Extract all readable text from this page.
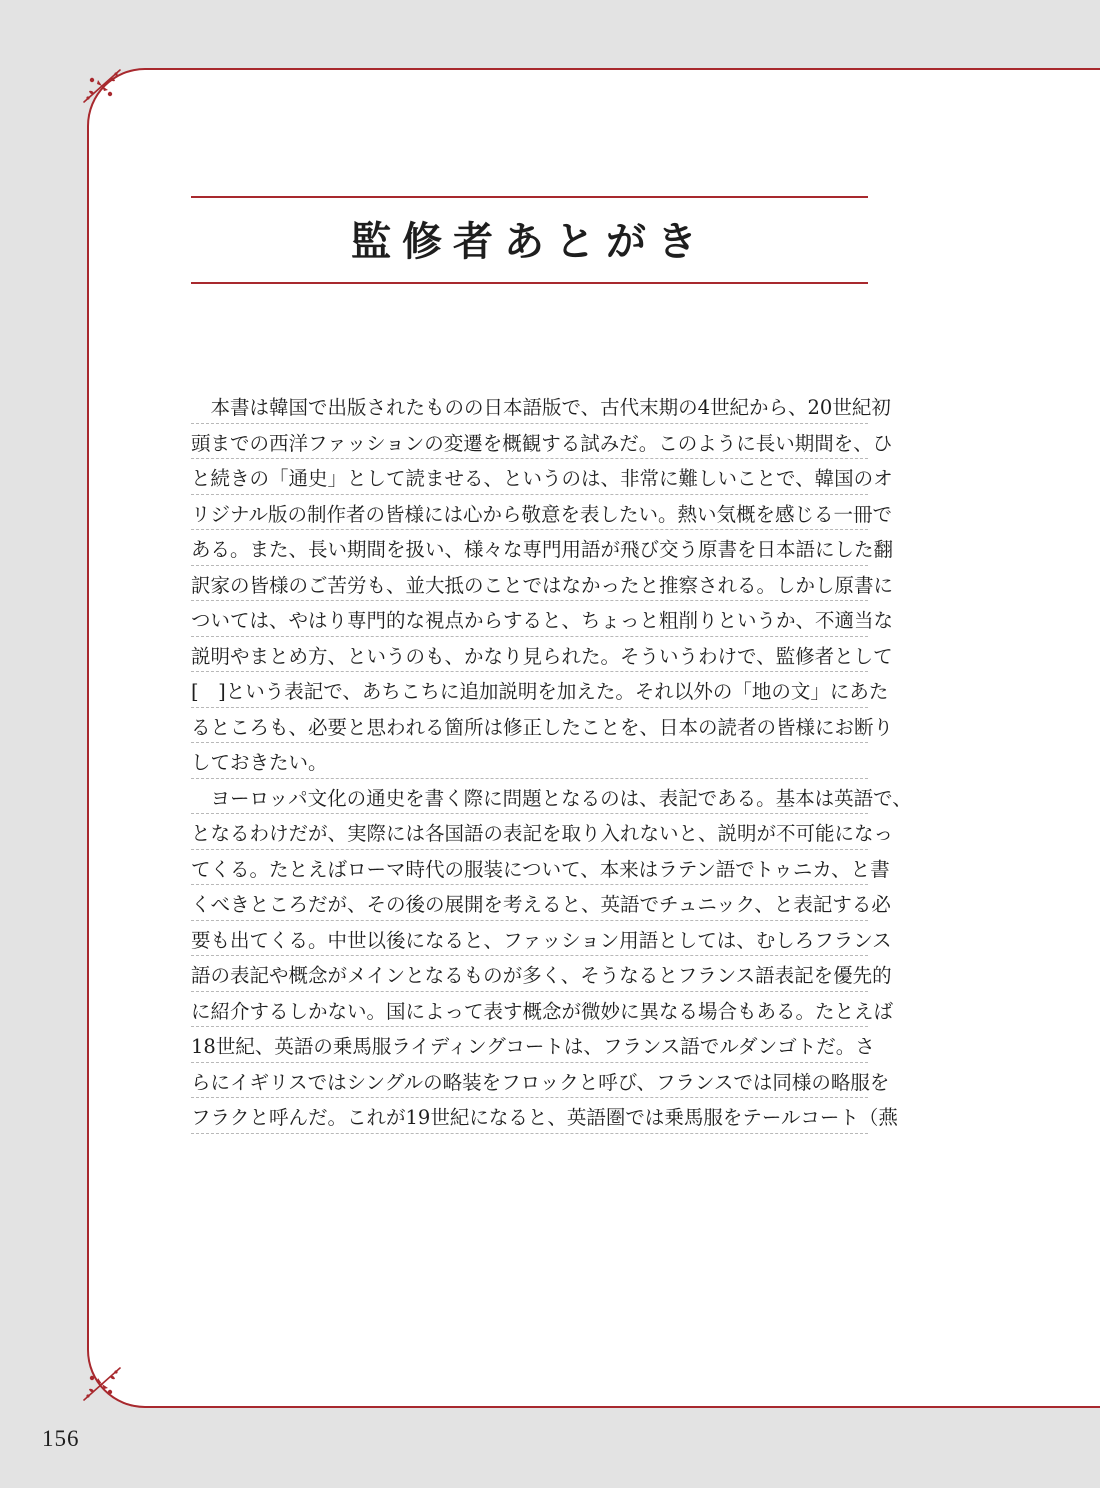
監修者あとがき
　本書は韓国で出版されたものの日本語版で、古代末期の4世紀から、20世紀初
頭までの西洋ファッションの変遷を概観する試みだ。このように長い期間を、ひ
と続きの「通史」として読ませる、というのは、非常に難しいことで、韓国のオ
リジナル版の制作者の皆様には心から敬意を表したい。熱い気概を感じる一冊で
ある。また、長い期間を扱い、様々な専門用語が飛び交う原書を日本語にした翻
訳家の皆様のご苦労も、並大抵のことではなかったと推察される。しかし原書に
ついては、やはり専門的な視点からすると、ちょっと粗削りというか、不適当な
説明やまとめ方、というのも、かなり見られた。そういうわけで、監修者として
[　]という表記で、あちこちに追加説明を加えた。それ以外の「地の文」にあた
るところも、必要と思われる箇所は修正したことを、日本の読者の皆様にお断り
しておきたい。
　ヨーロッパ文化の通史を書く際に問題となるのは、表記である。基本は英語で、
となるわけだが、実際には各国語の表記を取り入れないと、説明が不可能になっ
てくる。たとえばローマ時代の服装について、本来はラテン語でトゥニカ、と書
くべきところだが、その後の展開を考えると、英語でチュニック、と表記する必
要も出てくる。中世以後になると、ファッション用語としては、むしろフランス
語の表記や概念がメインとなるものが多く、そうなるとフランス語表記を優先的
に紹介するしかない。国によって表す概念が微妙に異なる場合もある。たとえば
18世紀、英語の乗馬服ライディングコートは、フランス語でルダンゴトだ。さ
らにイギリスではシングルの略装をフロックと呼び、フランスでは同様の略服を
フラクと呼んだ。これが19世紀になると、英語圏では乗馬服をテールコート（燕
156
